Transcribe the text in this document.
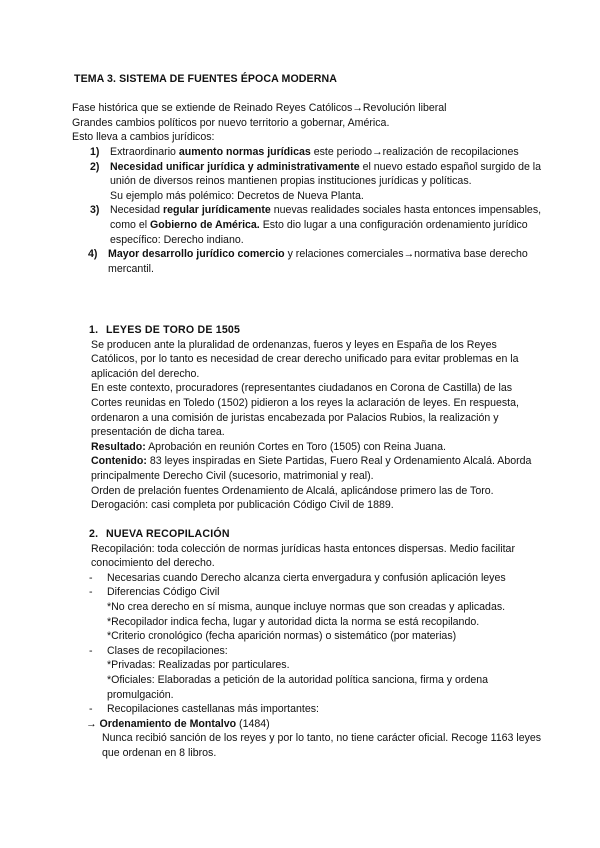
TEMA 3. SISTEMA DE FUENTES ÉPOCA MODERNA

Fase histórica que se extiende de Reinado Reyes Católicos→Revolución liberal

Grandes cambios políticos por nuevo territorio a gobernar, América.

Esto lleva a cambios jurídicos:

1) Extraordinario aumento normas jurídicas este periodo→realización de recopilaciones
2) Necesidad unificar jurídica y administrativamente el nuevo estado español surgido de la unión de diversos reinos mantienen propias instituciones jurídicas y políticas.
Su ejemplo más polémico: Decretos de Nueva Planta.
3) Necesidad regular jurídicamente nuevas realidades sociales hasta entonces impensables, como el Gobierno de América. Esto dio lugar a una configuración ordenamiento jurídico específico: Derecho indiano.
4) Mayor desarrollo jurídico comercio y relaciones comerciales→normativa base derecho mercantil.
1. LEYES DE TORO DE 1505

Se producen ante la pluralidad de ordenanzas, fueros y leyes en España de los Reyes Católicos, por lo tanto es necesidad de crear derecho unificado para evitar problemas en la aplicación del derecho.

En este contexto, procuradores (representantes ciudadanos en Corona de Castilla) de las Cortes reunidas en Toledo (1502) pidieron a los reyes la aclaración de leyes. En respuesta, ordenaron a una comisión de juristas encabezada por Palacios Rubios, la realización y presentación de dicha tarea.

Resultado: Aprobación en reunión Cortes en Toro (1505) con Reina Juana.

Contenido: 83 leyes inspiradas en Siete Partidas, Fuero Real y Ordenamiento Alcalá. Aborda principalmente Derecho Civil (sucesorio, matrimonial y real).

Orden de prelación fuentes Ordenamiento de Alcalá, aplicándose primero las de Toro.

Derogación: casi completa por publicación Código Civil de 1889.

2. NUEVA RECOPILACIÓN

Recopilación: toda colección de normas jurídicas hasta entonces dispersas. Medio facilitar conocimiento del derecho.

- Necesarias cuando Derecho alcanza cierta envergadura y confusión aplicación leyes
- Diferencias Código Civil
*No crea derecho en sí misma, aunque incluye normas que son creadas y aplicadas.
*Recopilador indica fecha, lugar y autoridad dicta la norma se está recopilando.
*Criterio cronológico (fecha aparición normas) o sistemático (por materias)
- Clases de recopilaciones:
*Privadas: Realizadas por particulares.
*Oficiales: Elaboradas a petición de la autoridad política sanciona, firma y ordena promulgación.
- Recopilaciones castellanas más importantes:
→ Ordenamiento de Montalvo (1484)
Nunca recibió sanción de los reyes y por lo tanto, no tiene carácter oficial. Recoge 1163 leyes que ordenan en 8 libros.
